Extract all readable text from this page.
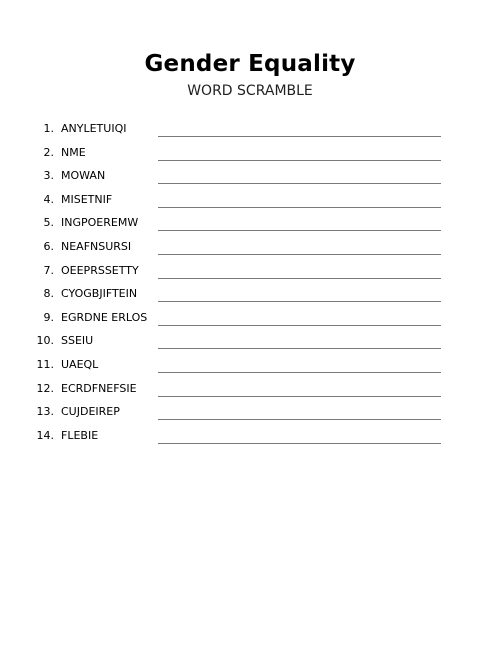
Gender Equality
WORD SCRAMBLE
1. ANYLETUIQI
2. NME
3. MOWAN
4. MISETNIF
5. INGPOEREMW
6. NEAFNSURSI
7. OEEPRSSETTY
8. CYOGBJIFTEIN
9. EGRDNE ERLOS
10. SSEIU
11. UAEQL
12. ECRDFNEFSIE
13. CUJDEIREP
14. FLEBIE
